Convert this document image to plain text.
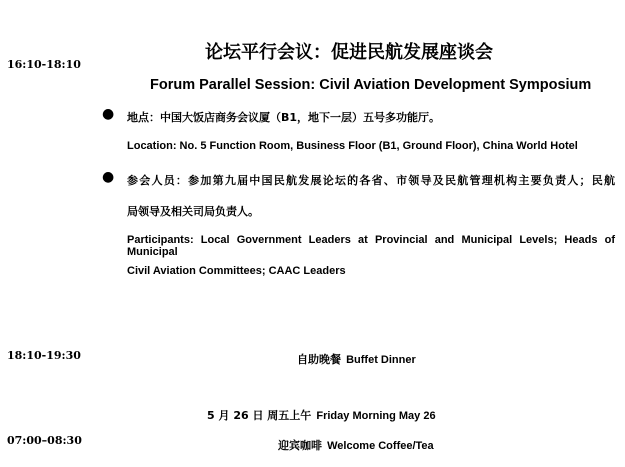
16:10-18:10
论坛平行会议：促进民航发展座谈会
Forum Parallel Session: Civil Aviation Development Symposium
● 地点：中国大饭店商务会议厦（B1，地下一层）五号多功能厅。
Location: No. 5 Function Room, Business Floor (B1, Ground Floor), China World Hotel
● 参会人员：参加第九届中国民航发展论坛的各省、市领导及民航管理机构主要负责人；民航
局领导及相关司局负责人。
Participants: Local Government Leaders at Provincial and Municipal Levels; Heads of Municipal
Civil Aviation Committees; CAAC Leaders
18:10-19:30	自助晚餐 Buffet Dinner
5 月 26 日 周五上午 Friday Morning May 26
07:00–08:30	迎宾咖啡 Welcome Coffee/Tea
